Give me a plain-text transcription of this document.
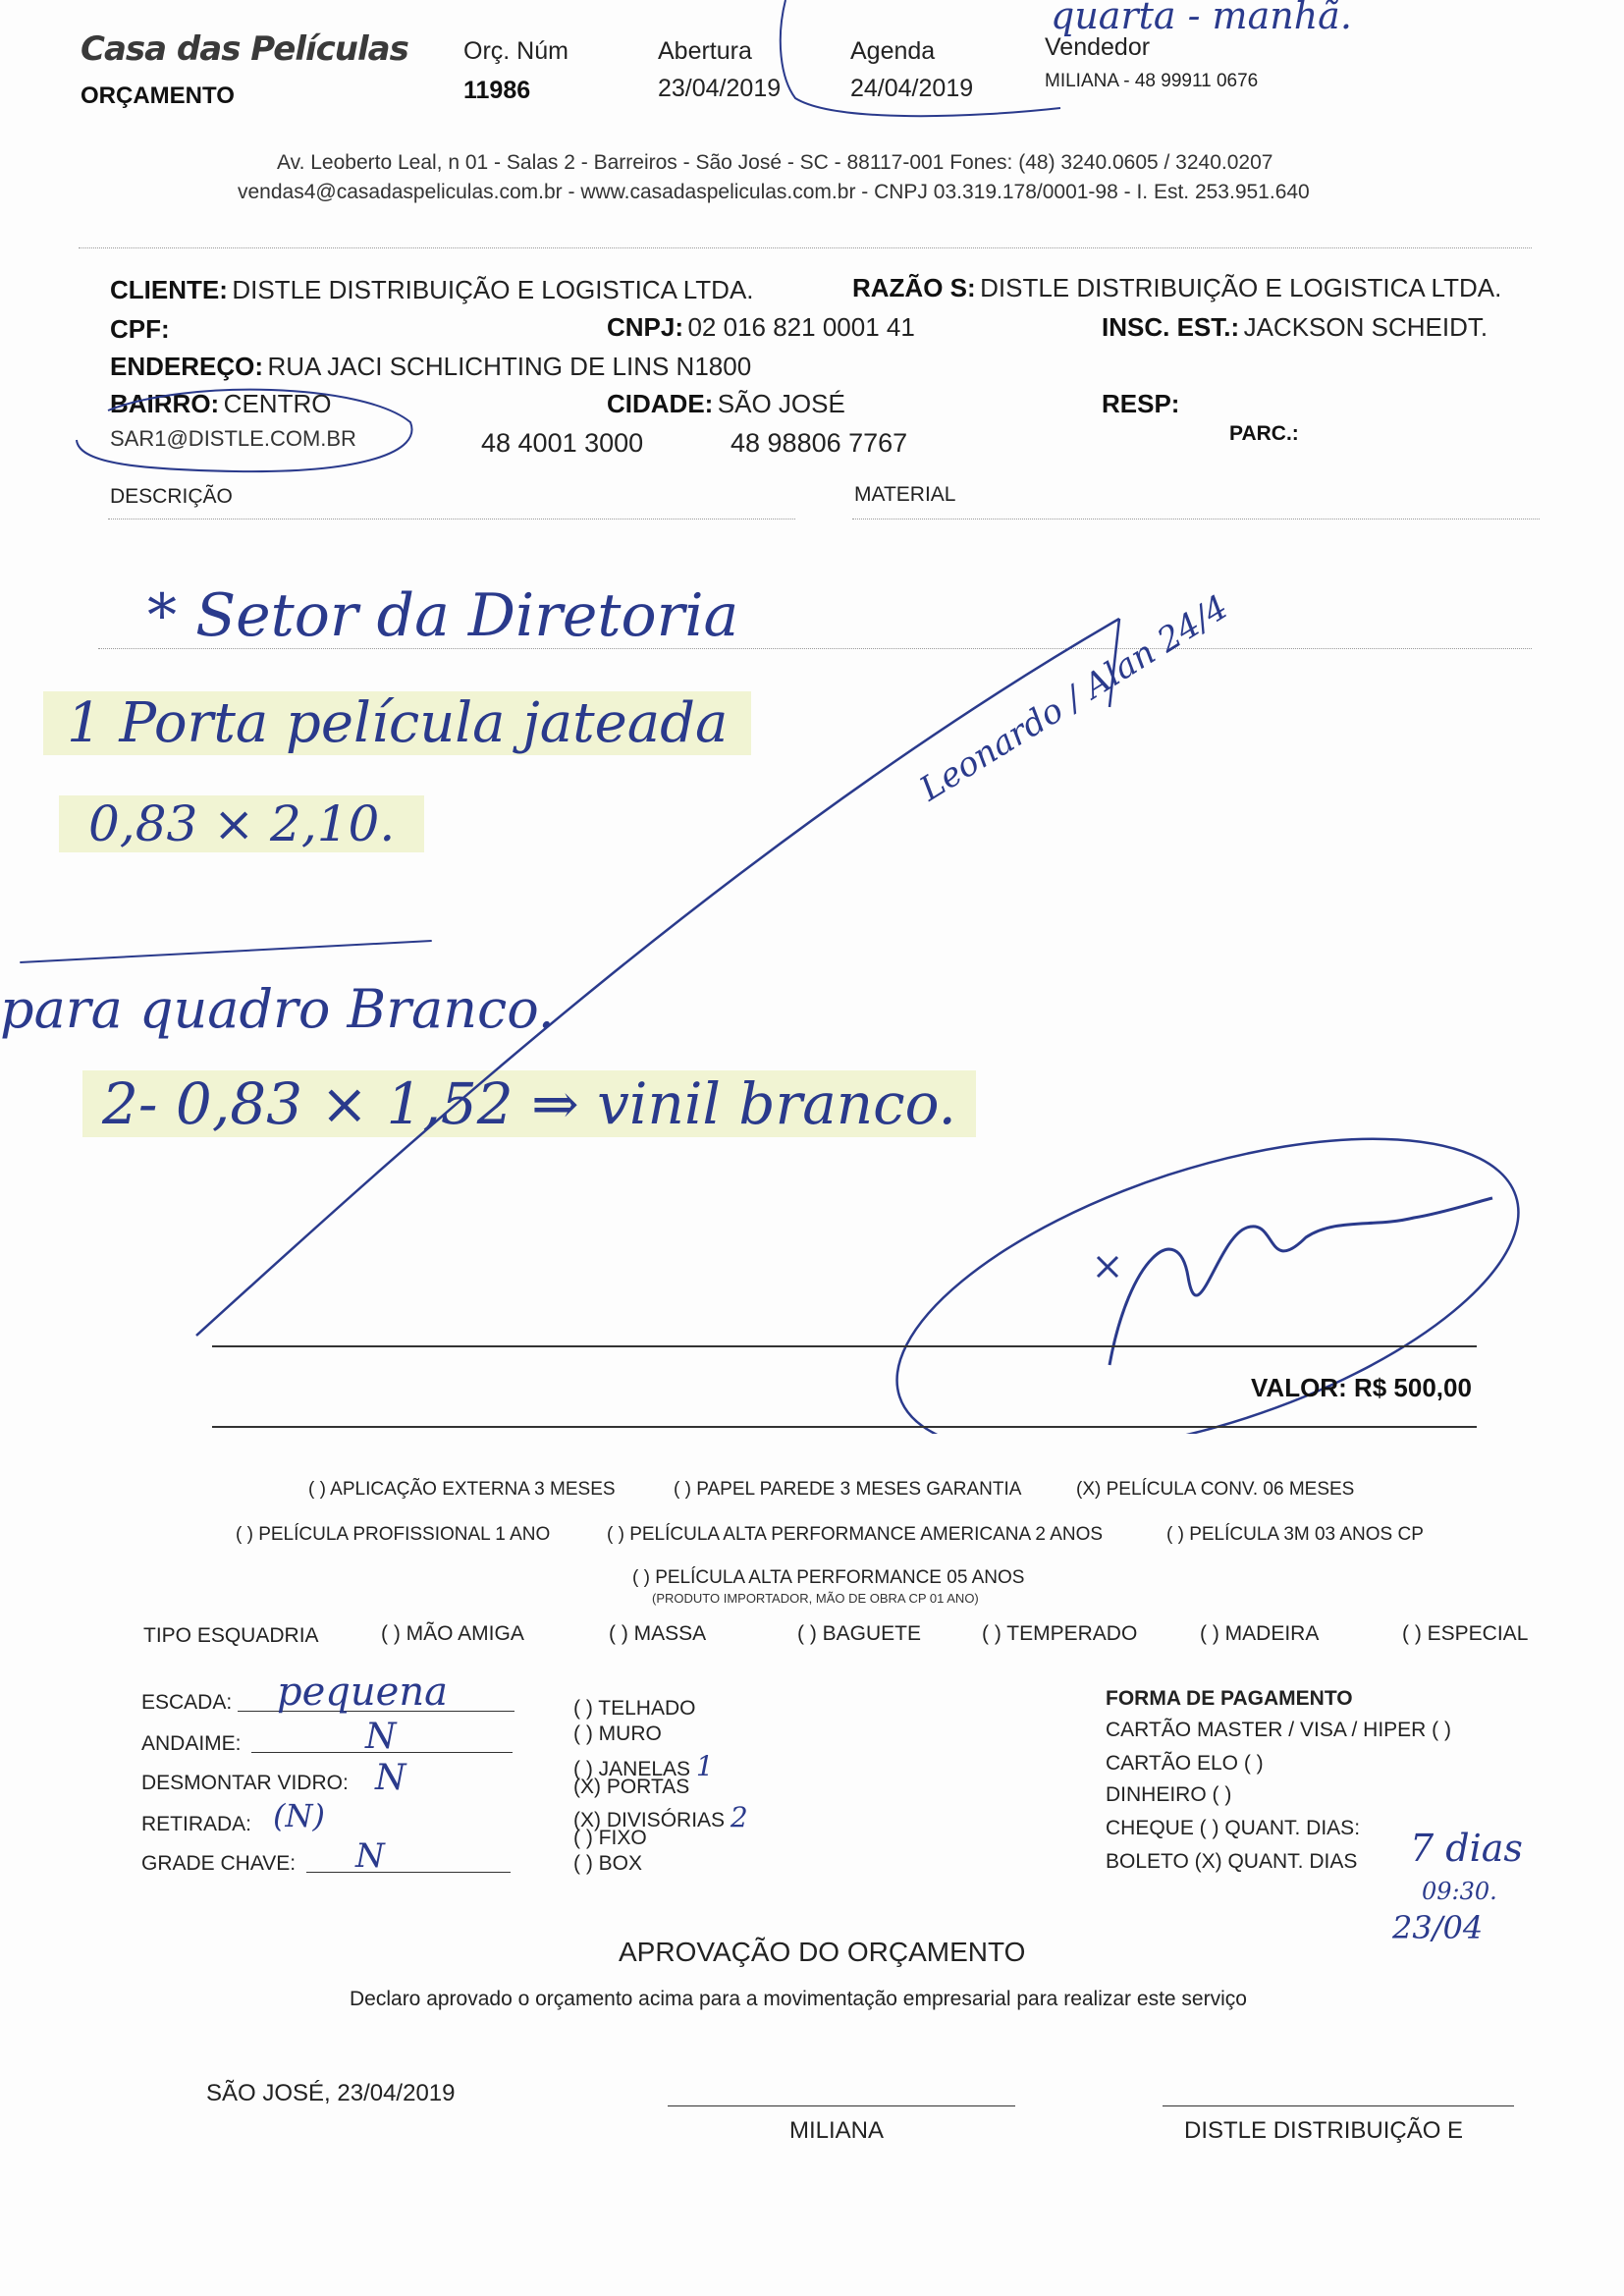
Casa das Películas
ORÇAMENTO
Orç. Núm
11986
Abertura
23/04/2019
Agenda
24/04/2019
Vendedor
MILIANA - 48 99911 0676
quarta - manhã.
Av. Leoberto Leal, n 01 - Salas 2 - Barreiros - São José - SC - 88117-001 Fones: (48) 3240.0605 / 3240.0207
vendas4@casadaspeliculas.com.br - www.casadaspeliculas.com.br - CNPJ 03.319.178/0001-98 - I. Est. 253.951.640
CLIENTE: DISTLE DISTRIBUIÇÃO E LOGISTICA LTDA.	RAZÃO S: DISTLE DISTRIBUIÇÃO E LOGISTICA LTDA.
CPF:	CNPJ: 02 016 821 0001 41	INSC. EST.: JACKSON SCHEIDT.
ENDEREÇO: RUA JACI SCHLICHTING DE LINS N1800
BAIRRO: CENTRO	CIDADE: SÃO JOSÉ	RESP:
SAR1@DISTLE.COM.BR	48 4001 3000	48 98806 7767	PARC.:
DESCRIÇÃO	MATERIAL
* Setor da Diretoria
1 Porta película jateada
0,83 × 2,10.
para quadro Branco.
2- 0,83 × 1,52 ⇒ vinil branco.
Leonardo / Alan 24/4
VALOR: R$ 500,00
( ) APLICAÇÃO EXTERNA 3 MESES	( ) PAPEL PAREDE 3 MESES GARANTIA	(X) PELÍCULA CONV. 06 MESES
( ) PELÍCULA PROFISSIONAL 1 ANO	( ) PELÍCULA ALTA PERFORMANCE AMERICANA 2 ANOS	( ) PELÍCULA 3M 03 ANOS CP
( ) PELÍCULA ALTA PERFORMANCE 05 ANOS
(PRODUTO IMPORTADOR, MÃO DE OBRA CP 01 ANO)
TIPO ESQUADRIA	( ) MÃO AMIGA	( ) MASSA	( ) BAGUETE	( ) TEMPERADO	( ) MADEIRA	( ) ESPECIAL
ESCADA: pequena
ANDAIME:	N
DESMONTAR VIDRO: N
RETIRADA: (N)
GRADE CHAVE: N
( ) TELHADO
( ) MURO
( ) JANELAS 1
(X) PORTAS
(X) DIVISÓRIAS 2
( ) FIXO
( ) BOX
FORMA DE PAGAMENTO
CARTÃO MASTER / VISA / HIPER ( )
CARTÃO ELO ( )
DINHEIRO ( )
CHEQUE ( ) QUANT. DIAS:
BOLETO (X) QUANT. DIAS 7 dias
09:30.
23/04
APROVAÇÃO DO ORÇAMENTO
Declaro aprovado o orçamento acima para a movimentação empresarial para realizar este serviço
SÃO JOSÉ, 23/04/2019
MILIANA	DISTLE DISTRIBUIÇÃO E
